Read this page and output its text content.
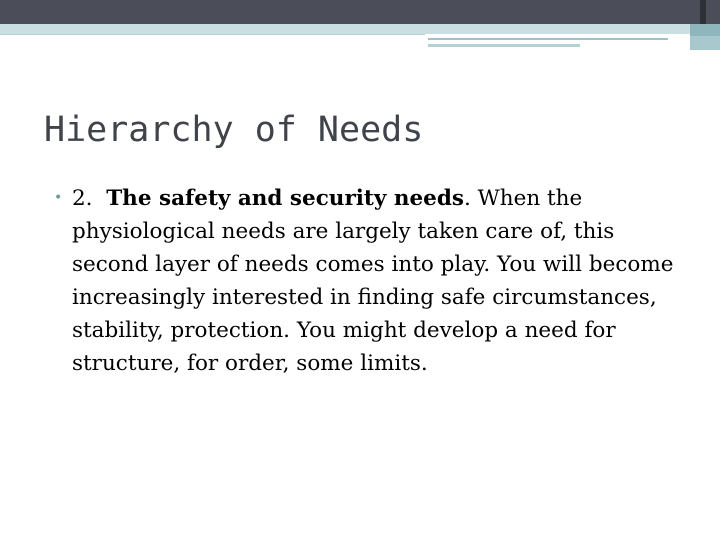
Hierarchy of Needs
• 2. The safety and security needs. When the physiological needs are largely taken care of, this second layer of needs comes into play. You will become increasingly interested in finding safe circumstances, stability, protection. You might develop a need for structure, for order, some limits.
